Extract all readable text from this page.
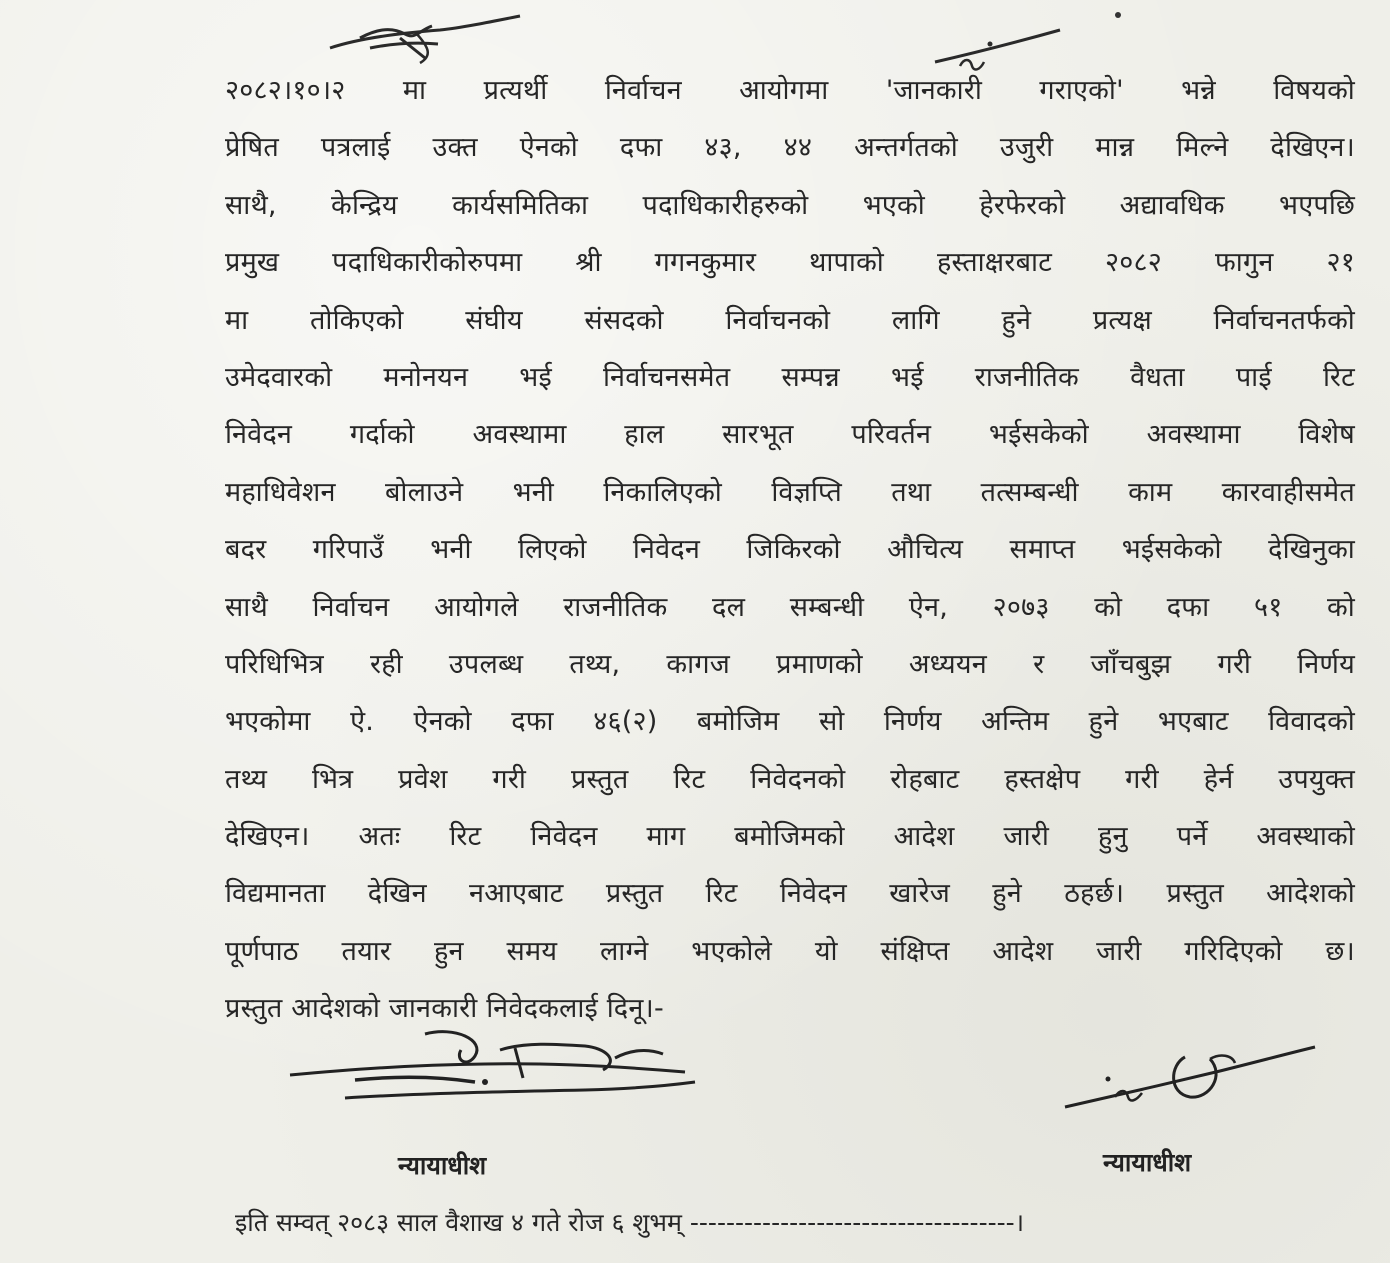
२०८२।१०।२ मा प्रत्यर्थी निर्वाचन आयोगमा 'जानकारी गराएको' भन्ने विषयको
प्रेषित पत्रलाई उक्त ऐनको दफा ४३, ४४ अन्तर्गतको उजुरी मान्न मिल्ने देखिएन।
साथै, केन्द्रिय कार्यसमितिका पदाधिकारीहरुको भएको हेरफेरको अद्यावधिक भएपछि
प्रमुख पदाधिकारीकोरुपमा श्री गगनकुमार थापाको हस्ताक्षरबाट २०८२ फागुन २१
मा तोकिएको संघीय संसदको निर्वाचनको लागि हुने प्रत्यक्ष निर्वाचनतर्फको
उमेदवारको मनोनयन भई निर्वाचनसमेत सम्पन्न भई राजनीतिक वैधता पाई रिट
निवेदन गर्दाको अवस्थामा हाल सारभूत परिवर्तन भईसकेको अवस्थामा विशेष
महाधिवेशन बोलाउने भनी निकालिएको विज्ञप्ति तथा तत्सम्बन्धी काम कारवाहीसमेत
बदर गरिपाउँ भनी लिएको निवेदन जिकिरको औचित्य समाप्त भईसकेको देखिनुका
साथै निर्वाचन आयोगले राजनीतिक दल सम्बन्धी ऐन, २०७३ को दफा ५१ को
परिधिभित्र रही उपलब्ध तथ्य, कागज प्रमाणको अध्ययन र जाँचबुझ गरी निर्णय
भएकोमा ऐ. ऐनको दफा ४६(२) बमोजिम सो निर्णय अन्तिम हुने भएबाट विवादको
तथ्य भित्र प्रवेश गरी प्रस्तुत रिट निवेदनको रोहबाट हस्तक्षेप गरी हेर्न उपयुक्त
देखिएन। अतः रिट निवेदन माग बमोजिमको आदेश जारी हुनु पर्ने अवस्थाको
विद्यमानता देखिन नआएबाट प्रस्तुत रिट निवेदन खारेज हुने ठहर्छ। प्रस्तुत आदेशको
पूर्णपाठ तयार हुन समय लाग्ने भएकोले यो संक्षिप्त आदेश जारी गरिदिएको छ।
प्रस्तुत आदेशको जानकारी निवेदकलाई दिनू।-
न्यायाधीश	न्यायाधीश
इति सम्वत् २०८३ साल वैशाख ४ गते रोज ६ शुभम् ------------------------------------।
